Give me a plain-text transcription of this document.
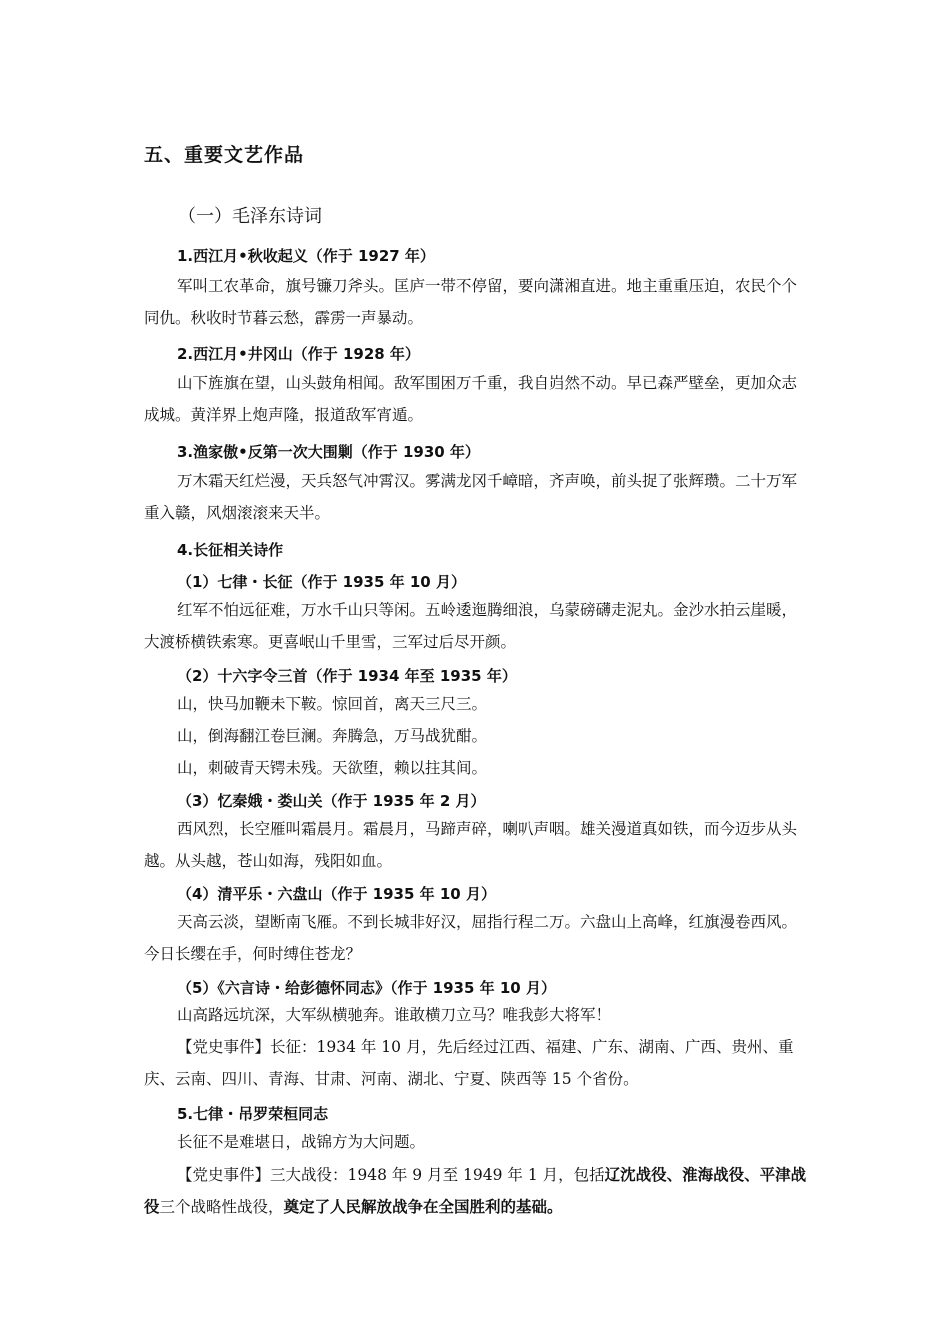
五、重要文艺作品
（一）毛泽东诗词
1.西江月•秋收起义（作于 1927 年）
军叫工农革命，旗号镰刀斧头。匡庐一带不停留，要向潇湘直进。地主重重压迫，农民个个同仇。秋收时节暮云愁，霹雳一声暴动。
2.西江月•井冈山（作于 1928 年）
山下旌旗在望，山头鼓角相闻。敌军围困万千重，我自岿然不动。早已森严壁垒，更加众志成城。黄洋界上炮声隆，报道敌军宵遁。
3.渔家傲•反第一次大围剿（作于 1930 年）
万木霜天红烂漫，天兵怒气冲霄汉。雾满龙冈千嶂暗，齐声唤，前头捉了张辉瓒。二十万军重入赣，风烟滚滚来天半。
4.长征相关诗作
（1）七律・长征（作于 1935 年 10 月）
红军不怕远征难，万水千山只等闲。五岭逶迤腾细浪，乌蒙磅礴走泥丸。金沙水拍云崖暖，大渡桥横铁索寒。更喜岷山千里雪，三军过后尽开颜。
（2）十六字令三首（作于 1934 年至 1935 年）
山，快马加鞭未下鞍。惊回首，离天三尺三。
山，倒海翻江卷巨澜。奔腾急，万马战犹酣。
山，刺破青天锷未残。天欲堕，赖以拄其间。
（3）忆秦娥・娄山关（作于 1935 年 2 月）
西风烈，长空雁叫霜晨月。霜晨月，马蹄声碎，喇叭声咽。雄关漫道真如铁，而今迈步从头越。从头越，苍山如海，残阳如血。
（4）清平乐・六盘山（作于 1935 年 10 月）
天高云淡，望断南飞雁。不到长城非好汉，屈指行程二万。六盘山上高峰，红旗漫卷西风。今日长缨在手，何时缚住苍龙？
（5）《六言诗・给彭德怀同志》（作于 1935 年 10 月）
山高路远坑深，大军纵横驰奔。谁敢横刀立马？唯我彭大将军！
【党史事件】长征：1934 年 10 月，先后经过江西、福建、广东、湖南、广西、贵州、重庆、云南、四川、青海、甘肃、河南、湖北、宁夏、陕西等 15 个省份。
5.七律・吊罗荣桓同志
长征不是难堪日，战锦方为大问题。
【党史事件】三大战役：1948 年 9 月至 1949 年 1 月，包括辽沈战役、淮海战役、平津战役三个战略性战役，奠定了人民解放战争在全国胜利的基础。
